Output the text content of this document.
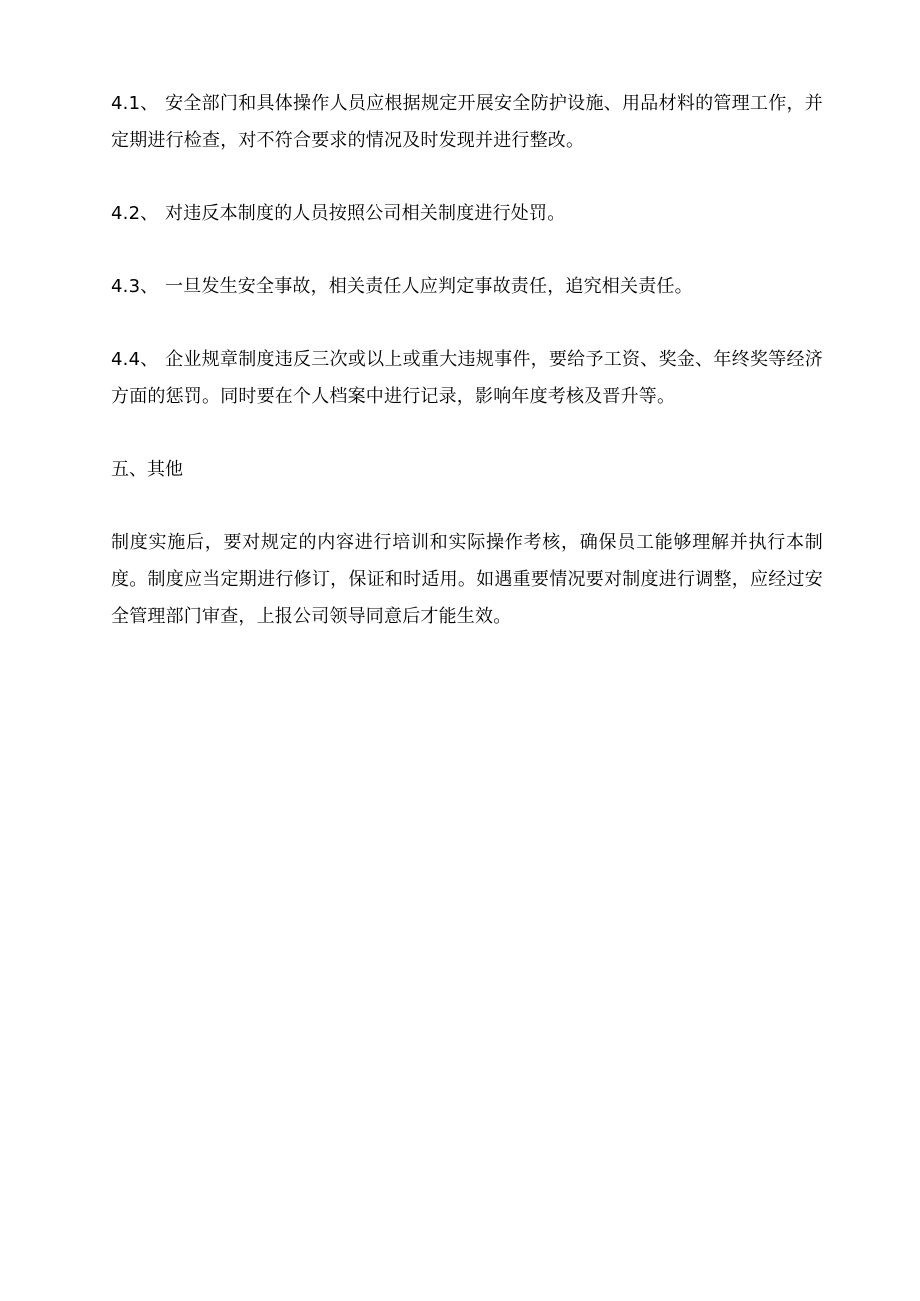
4.1、 安全部门和具体操作人员应根据规定开展安全防护设施、用品材料的管理工作，并定期进行检查，对不符合要求的情况及时发现并进行整改。

4.2、 对违反本制度的人员按照公司相关制度进行处罚。

4.3、 一旦发生安全事故，相关责任人应判定事故责任，追究相关责任。

4.4、 企业规章制度违反三次或以上或重大违规事件，要给予工资、奖金、年终奖等经济方面的惩罚。同时要在个人档案中进行记录，影响年度考核及晋升等。

五、其他

制度实施后，要对规定的内容进行培训和实际操作考核，确保员工能够理解并执行本制度。制度应当定期进行修订，保证和时适用。如遇重要情况要对制度进行调整，应经过安全管理部门审查，上报公司领导同意后才能生效。
